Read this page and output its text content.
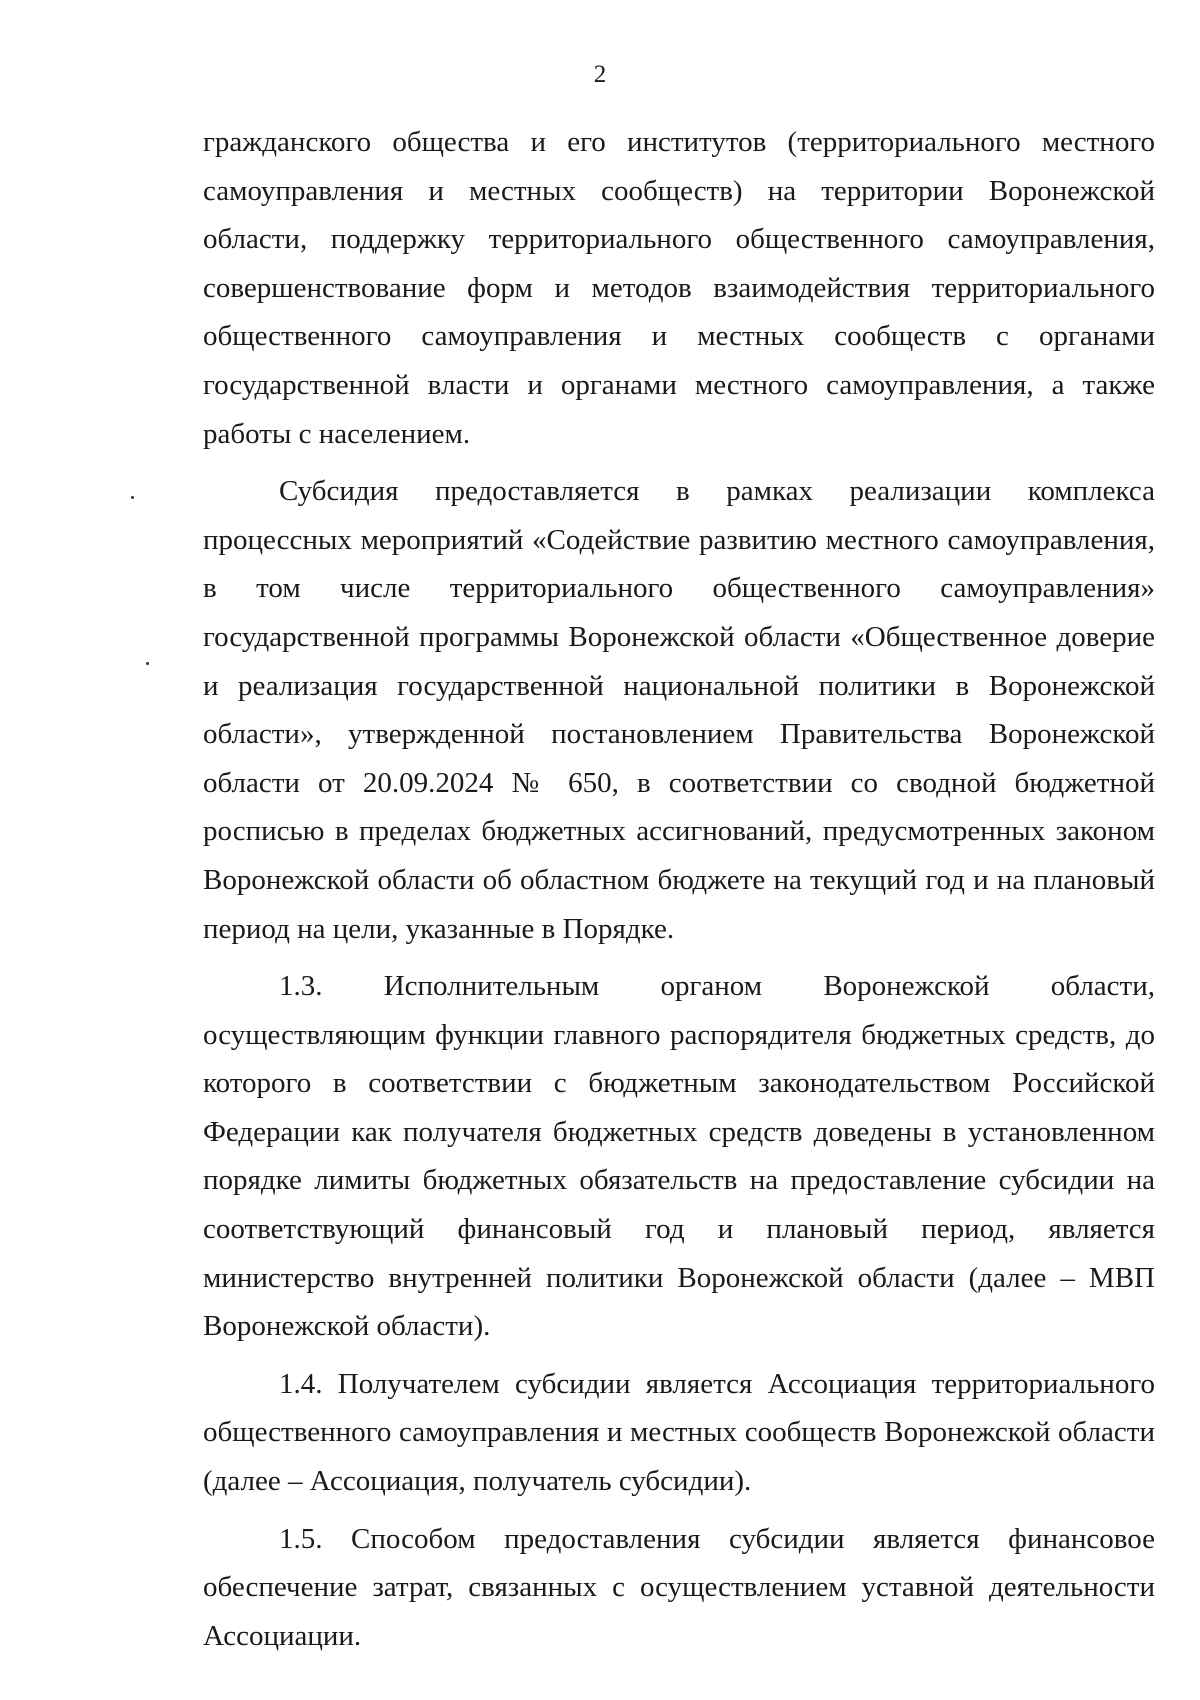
2

гражданского общества и его институтов (территориального местного самоуправления и местных сообществ) на территории Воронежской области, поддержку территориального общественного самоуправления, совершенствование форм и методов взаимодействия территориального общественного самоуправления и местных сообществ с органами государственной власти и органами местного самоуправления, а также работы с населением.

Субсидия предоставляется в рамках реализации комплекса процессных мероприятий «Содействие развитию местного самоуправления, в том числе территориального общественного самоуправления» государственной программы Воронежской области «Общественное доверие и реализация государственной национальной политики в Воронежской области», утвержденной постановлением Правительства Воронежской области от 20.09.2024 № 650, в соответствии со сводной бюджетной росписью в пределах бюджетных ассигнований, предусмотренных законом Воронежской области об областном бюджете на текущий год и на плановый период на цели, указанные в Порядке.

1.3. Исполнительным органом Воронежской области, осуществляющим функции главного распорядителя бюджетных средств, до которого в соответствии с бюджетным законодательством Российской Федерации как получателя бюджетных средств доведены в установленном порядке лимиты бюджетных обязательств на предоставление субсидии на соответствующий финансовый год и плановый период, является министерство внутренней политики Воронежской области (далее – МВП Воронежской области).

1.4. Получателем субсидии является Ассоциация территориального общественного самоуправления и местных сообществ Воронежской области (далее – Ассоциация, получатель субсидии).

1.5. Способом предоставления субсидии является финансовое обеспечение затрат, связанных с осуществлением уставной деятельности Ассоциации.
